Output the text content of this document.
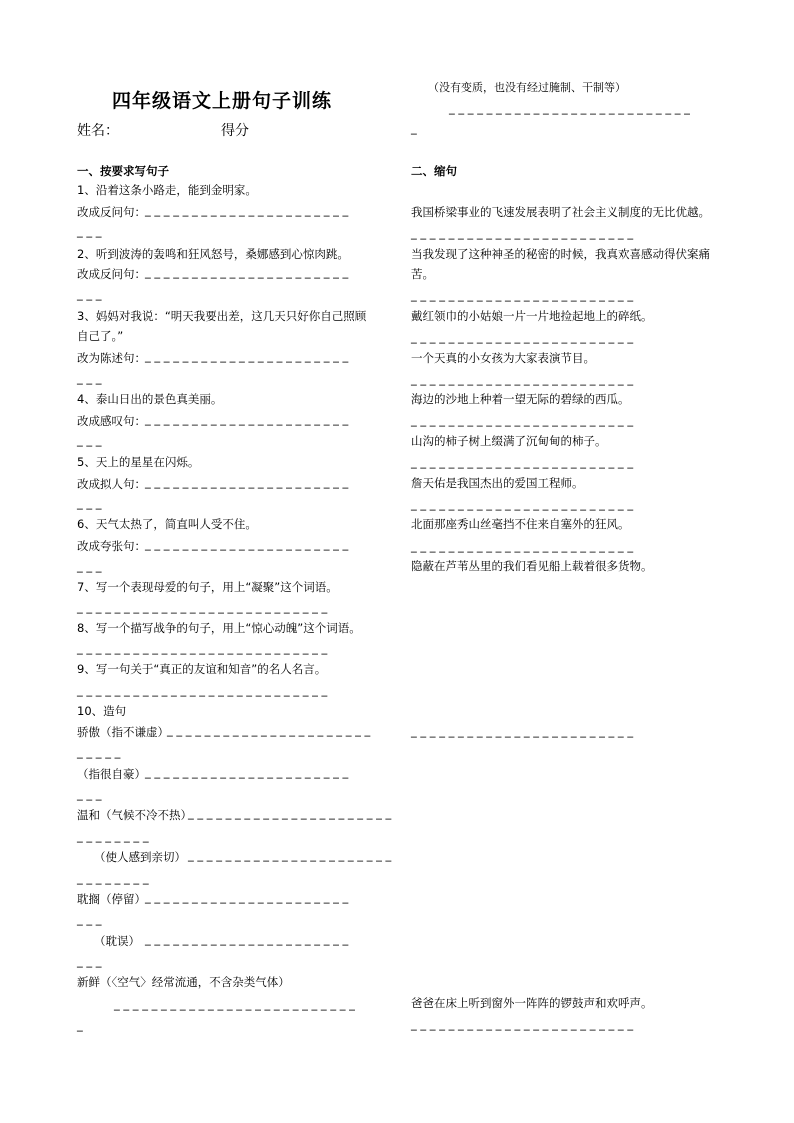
四年级语文上册句子训练
姓名：	得分
（没有变质，也没有经过腌制、干制等）
_ _ _ _ _ _ _ _ _ _ _ _ _ _ _ _ _ _ _ _ _ _ _ _ _ _
_
一、按要求写句子
1、沿着这条小路走，能到金明家。
改成反问句： _ _ _ _ _ _ _ _ _ _ _ _ _ _ _ _ _ _ _ _ _ _
_ _ _
2、听到波涛的轰鸣和狂风怒号，桑娜感到心惊肉跳。
改成反问句： _ _ _ _ _ _ _ _ _ _ _ _ _ _ _ _ _ _ _ _ _ _
_ _ _
3、妈妈对我说：“明天我要出差，这几天只好你自己照顾
自己了。”
改为陈述句： _ _ _ _ _ _ _ _ _ _ _ _ _ _ _ _ _ _ _ _ _ _
_ _ _
4、泰山日出的景色真美丽。
改成感叹句： _ _ _ _ _ _ _ _ _ _ _ _ _ _ _ _ _ _ _ _ _ _
_ _ _
5、天上的星星在闪烁。
改成拟人句： _ _ _ _ _ _ _ _ _ _ _ _ _ _ _ _ _ _ _ _ _ _
_ _ _
6、天气太热了，简直叫人受不住。
改成夸张句： _ _ _ _ _ _ _ _ _ _ _ _ _ _ _ _ _ _ _ _ _ _
_ _ _
7、写一个表现母爱的句子，用上“凝聚”这个词语。
_ _ _ _ _ _ _ _ _ _ _ _ _ _ _ _ _ _ _ _ _ _ _ _ _ _ _
8、写一个描写战争的句子，用上“惊心动魄”这个词语。
_ _ _ _ _ _ _ _ _ _ _ _ _ _ _ _ _ _ _ _ _ _ _ _ _ _ _
9、写一句关于“真正的友谊和知音”的名人名言。
_ _ _ _ _ _ _ _ _ _ _ _ _ _ _ _ _ _ _ _ _ _ _ _ _ _ _
10、造句
骄傲（指不谦虚）
_ _ _ _ _ _ _ _ _ _ _ _ _ _ _ _ _ _ _ _ _ _
_ _ _ _ _
（指很自豪） _ _ _ _ _ _ _ _ _ _ _ _ _ _ _ _ _ _ _ _ _ _
_ _ _
温和（气候不冷不热）
_ _ _ _ _ _ _ _ _ _ _ _ _ _ _ _ _ _ _ _ _ _
_ _ _ _ _ _ _ _
（使人感到亲切） _ _ _ _ _ _ _ _ _ _ _ _ _ _ _ _ _ _ _ _ _ _
_ _ _ _ _ _ _ _
耽搁（停留） _ _ _ _ _ _ _ _ _ _ _ _ _ _ _ _ _ _ _ _ _ _
_ _ _
（耽误） _ _ _ _ _ _ _ _ _ _ _ _ _ _ _ _ _ _ _ _ _ _
_ _ _
新鲜（〈空气〉经常流通，不含杂类气体）
_ _ _ _ _ _ _ _ _ _ _ _ _ _ _ _ _ _ _ _ _ _ _ _ _ _
_
二、缩句
我国桥梁事业的飞速发展表明了社会主义制度的无比优越。
_ _ _ _ _ _ _ _ _ _ _ _ _ _ _ _ _ _ _ _ _ _ _ _
当我发现了这种神圣的秘密的时候，我真欢喜感动得伏案痛
苦。
_ _ _ _ _ _ _ _ _ _ _ _ _ _ _ _ _ _ _ _ _ _ _ _
戴红领巾的小姑娘一片一片地捡起地上的碎纸。
_ _ _ _ _ _ _ _ _ _ _ _ _ _ _ _ _ _ _ _ _ _ _ _
一个天真的小女孩为大家表演节目。
_ _ _ _ _ _ _ _ _ _ _ _ _ _ _ _ _ _ _ _ _ _ _ _
海边的沙地上种着一望无际的碧绿的西瓜。
_ _ _ _ _ _ _ _ _ _ _ _ _ _ _ _ _ _ _ _ _ _ _ _
山沟的柿子树上缀满了沉甸甸的柿子。
_ _ _ _ _ _ _ _ _ _ _ _ _ _ _ _ _ _ _ _ _ _ _ _
詹天佑是我国杰出的爱国工程师。
_ _ _ _ _ _ _ _ _ _ _ _ _ _ _ _ _ _ _ _ _ _ _ _
北面那座秀山丝毫挡不住来自塞外的狂风。
_ _ _ _ _ _ _ _ _ _ _ _ _ _ _ _ _ _ _ _ _ _ _ _
隐蔽在芦苇丛里的我们看见船上载着很多货物。
_ _ _ _ _ _ _ _ _ _ _ _ _ _ _ _ _ _ _ _ _ _ _ _
爸爸在床上听到窗外一阵阵的锣鼓声和欢呼声。
_ _ _ _ _ _ _ _ _ _ _ _ _ _ _ _ _ _ _ _ _ _ _ _
